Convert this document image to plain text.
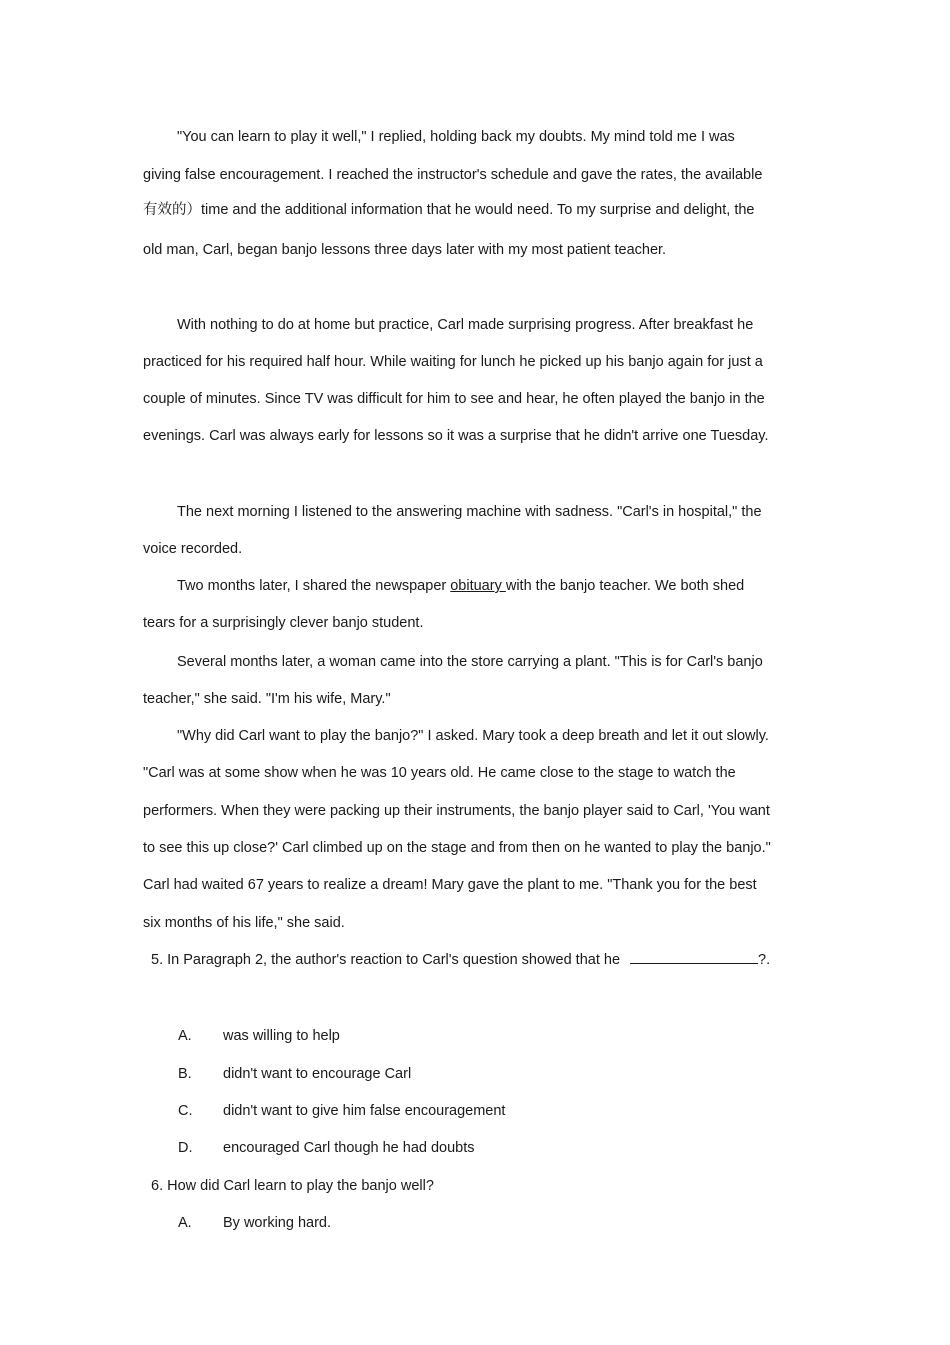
"You can learn to play it well," I replied, holding back my doubts. My mind told me I was
giving false encouragement. I reached the instructor's schedule and gave the rates, the available
有效的）time and the additional information that he would need. To my surprise and delight, the
old man, Carl, began banjo lessons three days later with my most patient teacher.
With nothing to do at home but practice, Carl made surprising progress. After breakfast he
practiced for his required half hour. While waiting for lunch he picked up his banjo again for just a
couple of minutes. Since TV was difficult for him to see and hear, he often played the banjo in the
evenings. Carl was always early for lessons so it was a surprise that he didn't arrive one Tuesday.
The next morning I listened to the answering machine with sadness. "Carl's in hospital," the
voice recorded.
Two months later, I shared the newspaper obituary with the banjo teacher. We both shed
tears for a surprisingly clever banjo student.
Several months later, a woman came into the store carrying a plant. "This is for Carl's banjo
teacher," she said. "I'm his wife, Mary."
"Why did Carl want to play the banjo?" I asked. Mary took a deep breath and let it out slowly.
"Carl was at some show when he was 10 years old. He came close to the stage to watch the
performers. When they were packing up their instruments, the banjo player said to Carl, 'You want
to see this up close?' Carl climbed up on the stage and from then on he wanted to play the banjo."
Carl had waited 67 years to realize a dream! Mary gave the plant to me. "Thank you for the best
six months of his life," she said.
5. In Paragraph 2, the author's reaction to Carl's question showed that he	?.
A. was willing to help
B. didn't want to encourage Carl
C. didn't want to give him false encouragement
D. encouraged Carl though he had doubts
6. How did Carl learn to play the banjo well?
A. By working hard.
